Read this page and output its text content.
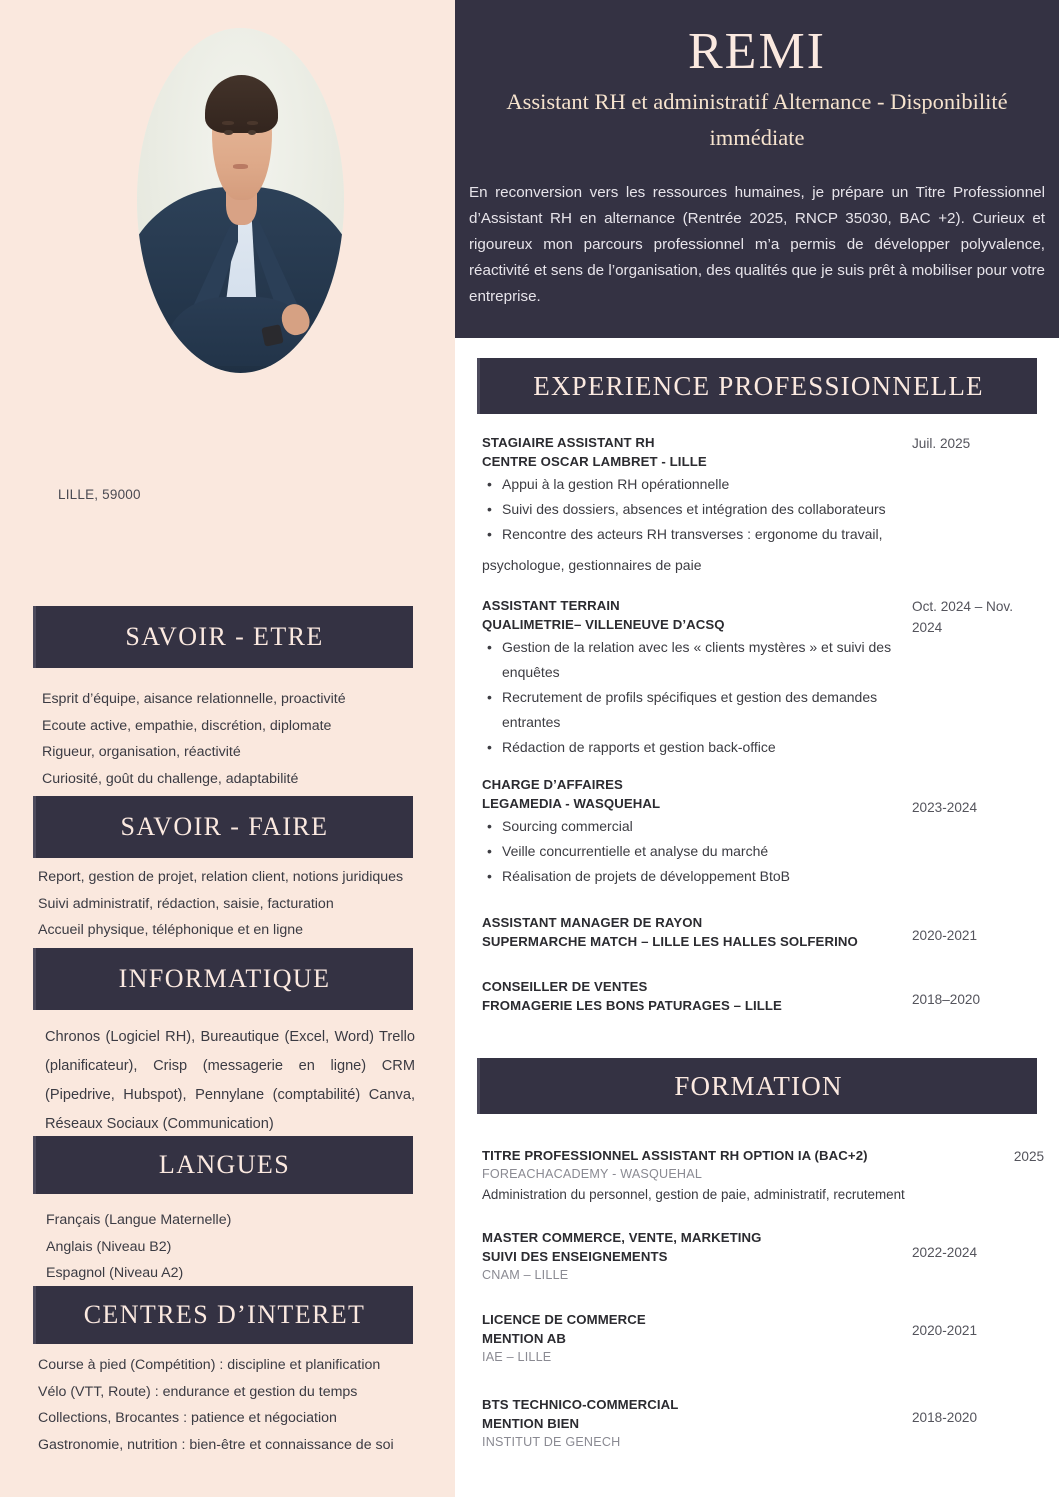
LILLE, 59000
SAVOIR - ETRE
Esprit d’équipe, aisance relationnelle, proactivité
Ecoute active, empathie, discrétion, diplomate
Rigueur, organisation, réactivité
Curiosité, goût du challenge, adaptabilité
SAVOIR - FAIRE
Report, gestion de projet, relation client, notions juridiques
Suivi administratif, rédaction, saisie, facturation
Accueil physique, téléphonique et en ligne
INFORMATIQUE
Chronos (Logiciel RH), Bureautique (Excel, Word) Trello (planificateur), Crisp (messagerie en ligne) CRM (Pipedrive, Hubspot), Pennylane (comptabilité) Canva, Réseaux Sociaux (Communication)
LANGUES
Français (Langue Maternelle)
Anglais (Niveau B2)
Espagnol (Niveau A2)
CENTRES D’INTERET
Course à pied (Compétition) : discipline et planification
Vélo (VTT, Route) : endurance et gestion du temps
Collections, Brocantes : patience et négociation
Gastronomie, nutrition : bien-être et connaissance de soi
REMI
Assistant RH et administratif Alternance - Disponibilité immédiate
En reconversion vers les ressources humaines, je prépare un Titre Professionnel d’Assistant RH en alternance (Rentrée 2025, RNCP 35030, BAC +2). Curieux et rigoureux mon parcours professionnel m’a permis de développer polyvalence, réactivité et sens de l’organisation, des qualités que je suis prêt à mobiliser pour votre entreprise.
EXPERIENCE PROFESSIONNELLE
Juil. 2025
STAGIAIRE ASSISTANT RH
CENTRE OSCAR LAMBRET - LILLE
• Appui à la gestion RH opérationnelle
• Suivi des dossiers, absences et intégration des collaborateurs
• Rencontre des acteurs RH transverses : ergonome du travail,
psychologue, gestionnaires de paie
Oct. 2024 – Nov. 2024
ASSISTANT TERRAIN
QUALIMETRIE– VILLENEUVE D’ACSQ
• Gestion de la relation avec les « clients mystères » et suivi des enquêtes
• Recrutement de profils spécifiques et gestion des demandes entrantes
• Rédaction de rapports et gestion back-office
2023-2024
CHARGE D’AFFAIRES
LEGAMEDIA - WASQUEHAL
• Sourcing commercial
• Veille concurrentielle et analyse du marché
• Réalisation de projets de développement BtoB
2020-2021
ASSISTANT MANAGER DE RAYON
SUPERMARCHE MATCH – LILLE LES HALLES SOLFERINO
2018–2020
CONSEILLER DE VENTES
FROMAGERIE LES BONS PATURAGES – LILLE
FORMATION
2025
TITRE PROFESSIONNEL ASSISTANT RH OPTION IA (BAC+2)
FOREACHACADEMY - WASQUEHAL
Administration du personnel, gestion de paie, administratif, recrutement
2022-2024
MASTER COMMERCE, VENTE, MARKETING
SUIVI DES ENSEIGNEMENTS
CNAM – LILLE
2020-2021
LICENCE DE COMMERCE
MENTION AB
IAE – LILLE
2018-2020
BTS TECHNICO-COMMERCIAL
MENTION BIEN
INSTITUT DE GENECH
